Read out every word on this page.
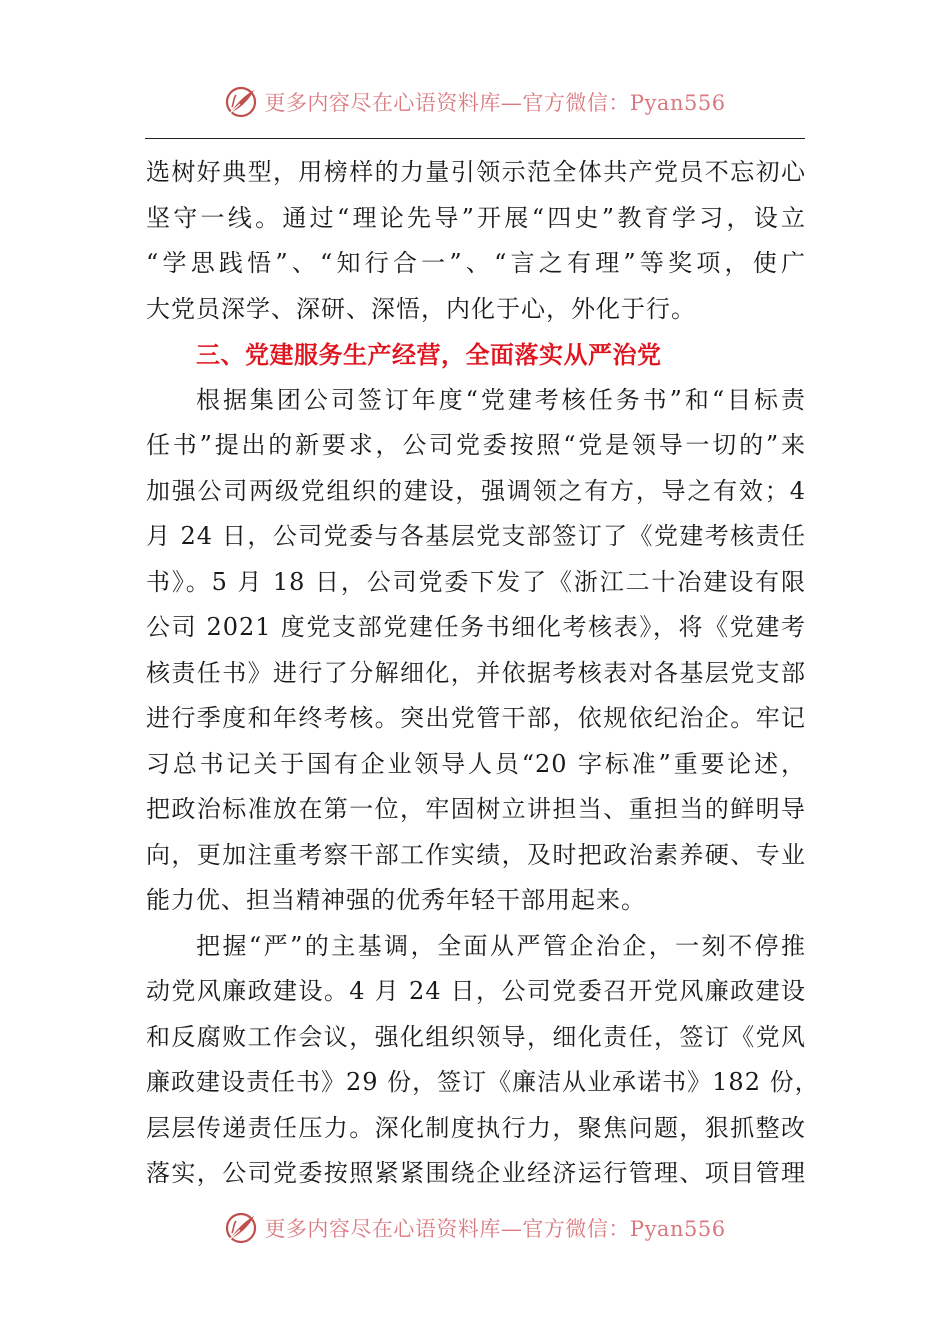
更多内容尽在心语资料库—官方微信：Pyan556
选树好典型，用榜样的力量引领示范全体共产党员不忘初心
坚守一线。通过“理论先导”开展“四史”教育学习，设立
“学思践悟”、“知行合一”、“言之有理”等奖项，使广
大党员深学、深研、深悟，内化于心，外化于行。
三、党建服务生产经营，全面落实从严治党
根据集团公司签订年度“党建考核任务书”和“目标责
任书”提出的新要求，公司党委按照“党是领导一切的”来
加强公司两级党组织的建设，强调领之有方，导之有效；4
月 24 日，公司党委与各基层党支部签订了《党建考核责任
书》。5 月 18 日，公司党委下发了《浙江二十冶建设有限
公司 2021 度党支部党建任务书细化考核表》，将《党建考
核责任书》进行了分解细化，并依据考核表对各基层党支部
进行季度和年终考核。突出党管干部，依规依纪治企。牢记
习总书记关于国有企业领导人员“20 字标准”重要论述，
把政治标准放在第一位，牢固树立讲担当、重担当的鲜明导
向，更加注重考察干部工作实绩，及时把政治素养硬、专业
能力优、担当精神强的优秀年轻干部用起来。
把握“严”的主基调，全面从严管企治企，一刻不停推
动党风廉政建设。4 月 24 日，公司党委召开党风廉政建设
和反腐败工作会议，强化组织领导，细化责任，签订《党风
廉政建设责任书》29 份，签订《廉洁从业承诺书》182 份，
层层传递责任压力。深化制度执行力，聚焦问题，狠抓整改
落实，公司党委按照紧紧围绕企业经济运行管理、项目管理
更多内容尽在心语资料库—官方微信：Pyan556
